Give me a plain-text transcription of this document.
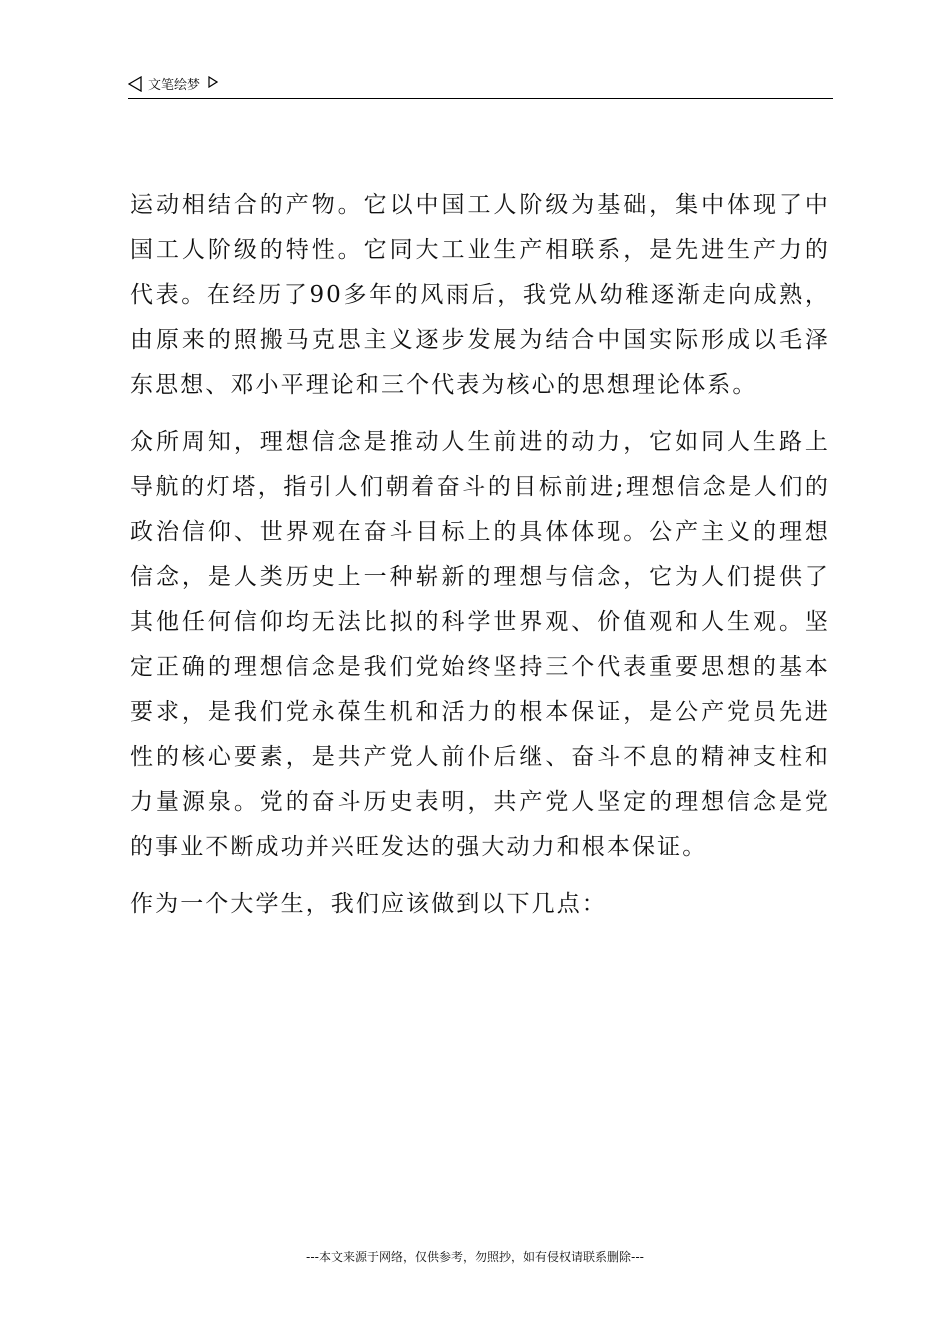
文笔绘梦

运动相结合的产物。它以中国工人阶级为基础，集中体现了中国工人阶级的特性。它同大工业生产相联系，是先进生产力的代表。在经历了90多年的风雨后，我党从幼稚逐渐走向成熟，由原来的照搬马克思主义逐步发展为结合中国实际形成以毛泽东思想、邓小平理论和三个代表为核心的思想理论体系。

众所周知，理想信念是推动人生前进的动力，它如同人生路上导航的灯塔，指引人们朝着奋斗的目标前进;理想信念是人们的政治信仰、世界观在奋斗目标上的具体体现。公产主义的理想信念，是人类历史上一种崭新的理想与信念，它为人们提供了其他任何信仰均无法比拟的科学世界观、价值观和人生观。坚定正确的理想信念是我们党始终坚持三个代表重要思想的基本要求，是我们党永葆生机和活力的根本保证，是公产党员先进性的核心要素，是共产党人前仆后继、奋斗不息的精神支柱和力量源泉。党的奋斗历史表明，共产党人坚定的理想信念是党的事业不断成功并兴旺发达的强大动力和根本保证。

作为一个大学生，我们应该做到以下几点：

---本文来源于网络，仅供参考，勿照抄，如有侵权请联系删除---
